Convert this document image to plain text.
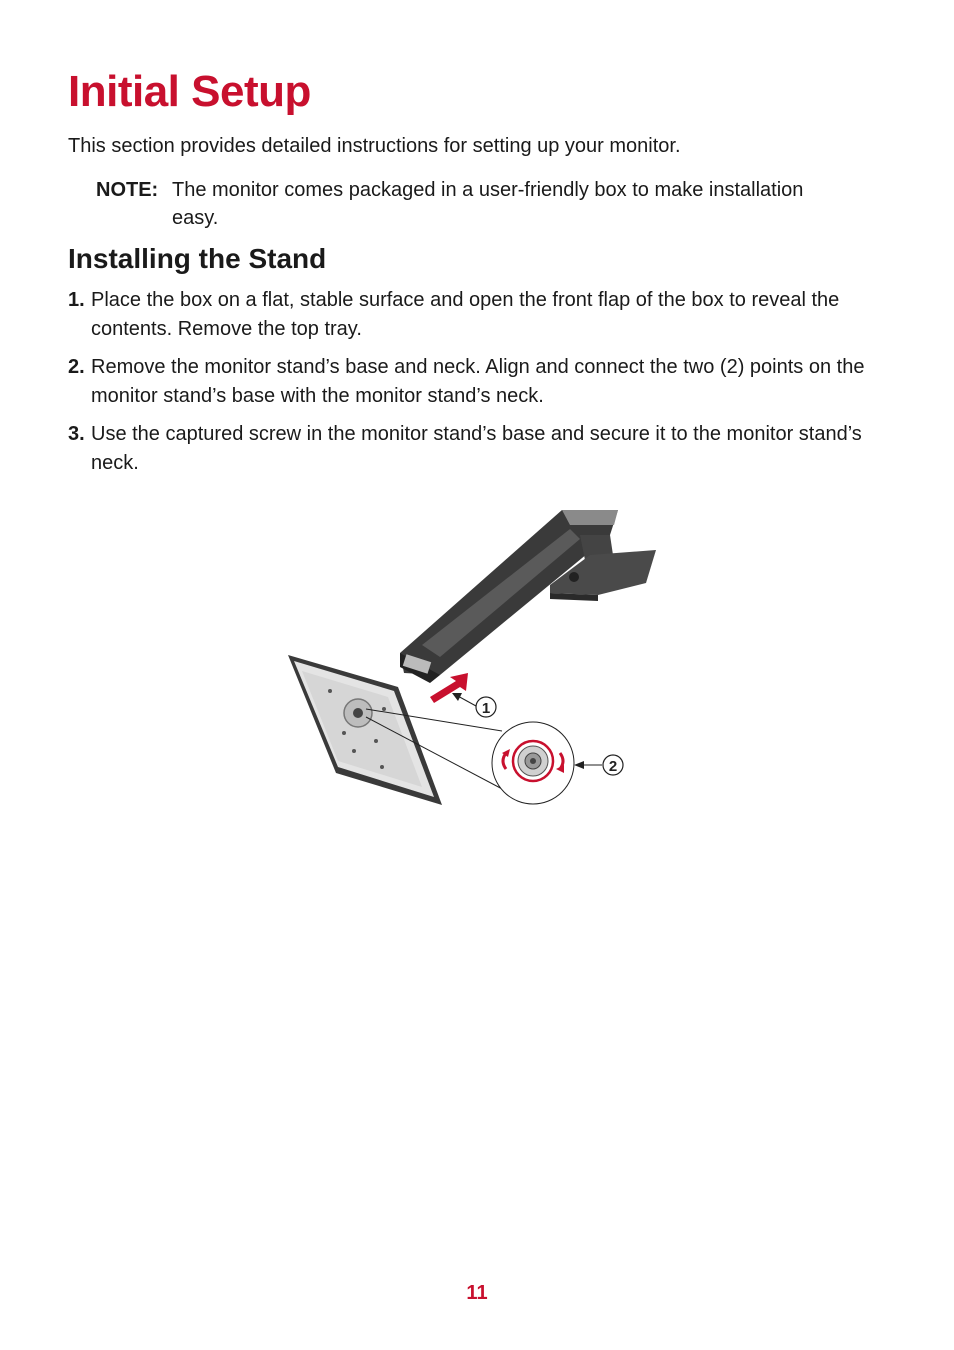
Initial Setup
This section provides detailed instructions for setting up your monitor.
NOTE: The monitor comes packaged in a user-friendly box to make installation
easy.
Installing the Stand
1. Place the box on a flat, stable surface and open the front flap of the box to reveal the contents. Remove the top tray.
2. Remove the monitor stand’s base and neck. Align and connect the two (2) points on the monitor stand’s base with the monitor stand’s neck.
3. Use the captured screw in the monitor stand’s base and secure it to the monitor stand’s neck.
1
2
11
